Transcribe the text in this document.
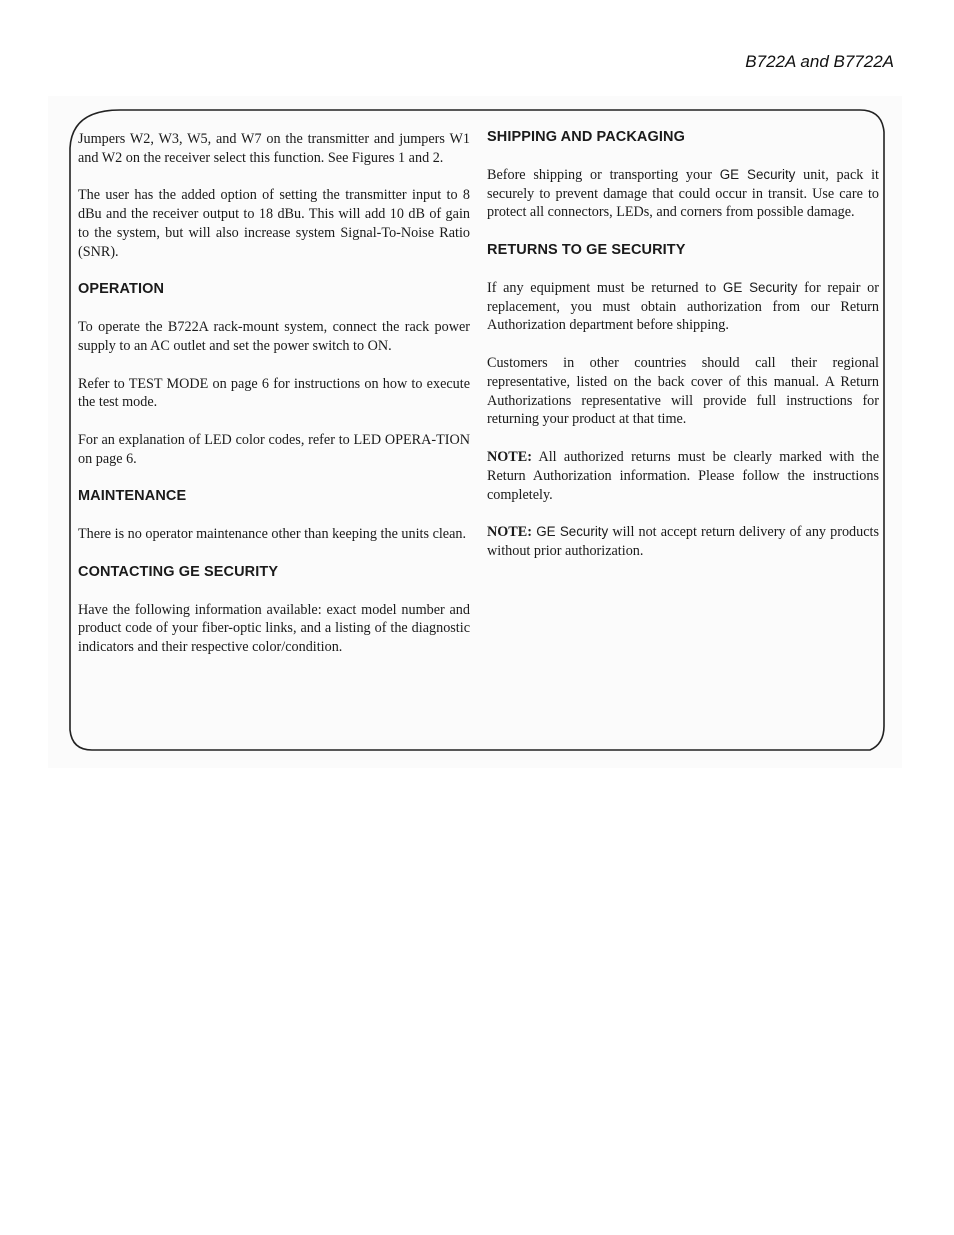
B722A and B7722A

Jumpers W2, W3, W5, and W7 on the transmitter and jumpers W1 and W2 on the receiver select this function. See Figures 1 and 2.

The user has the added option of setting the transmitter input to 8 dBu and the receiver output to 18 dBu. This will add 10 dB of gain to the system, but will also increase system Signal-To-Noise Ratio (SNR).

OPERATION

To operate the B722A rack-mount system, connect the rack power supply to an AC outlet and set the power switch to ON.

Refer to TEST MODE on page 6 for instructions on how to execute the test mode.

For an explanation of LED color codes, refer to LED OPERA-TION on page 6.

MAINTENANCE

There is no operator maintenance other than keeping the units clean.

CONTACTING GE SECURITY

Have the following information available: exact model number and product code of your fiber-optic links, and a listing of the diagnostic indicators and their respective color/condition.

SHIPPING AND PACKAGING

Before shipping or transporting your GE Security unit, pack it securely to prevent damage that could occur in transit. Use care to protect all connectors, LEDs, and corners from possible damage.

RETURNS TO GE SECURITY

If any equipment must be returned to GE Security for repair or replacement, you must obtain authorization from our Return Authorization department before shipping.

Customers in other countries should call their regional representative, listed on the back cover of this manual. A Return Authorizations representative will provide full instructions for returning your product at that time.

NOTE: All authorized returns must be clearly marked with the Return Authorization information. Please follow the instructions completely.

NOTE: GE Security will not accept return delivery of any products without prior authorization.
